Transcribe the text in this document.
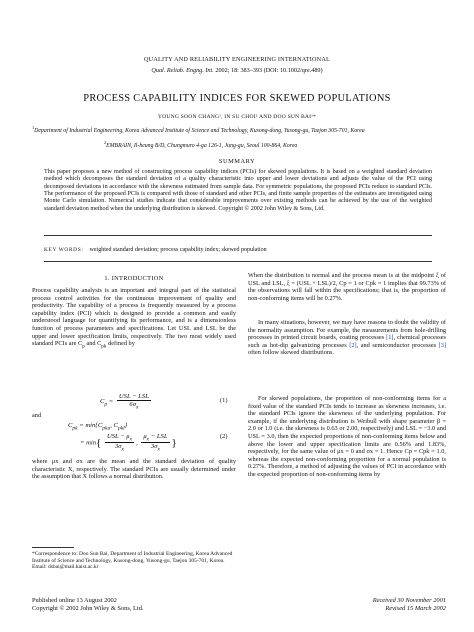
QUALITY AND RELIABILITY ENGINEERING INTERNATIONAL
Qual. Reliab. Engng. Int. 2002; 18: 383–393 (DOI: 10.1002/qre.489)
PROCESS CAPABILITY INDICES FOR SKEWED POPULATIONS
YOUNG SOON CHANG¹, IN SU CHOI² AND DOO SUN BAI¹*
$^1$Department of Industrial Engineering, Korea Advanced Institute of Science and Technology, Kusong-dong, Yusong-gu, Taejon 305-701, Korea
$^2$EMBRAIN, Il-heung B/D, Chungmuro 4-ga 126-1, Jung-gu, Seoul 100-864, Korea
SUMMARY
This paper proposes a new method of constructing process capability indices (PCIs) for skewed populations. It is based on a weighted standard deviation method which decomposes the standard deviation of a quality characteristic into upper and lower deviations and adjusts the value of the PCI using decomposed deviations in accordance with the skewness estimated from sample data. For symmetric populations, the proposed PCIs reduce to standard PCIs. The performance of the proposed PCIs is compared with those of standard and other PCIs, and finite sample properties of the estimates are investigated using Monte Carlo simulation. Numerical studies indicate that considerable improvements over existing methods can be achieved by the use of the weighted standard deviation method when the underlying distribution is skewed. Copyright © 2002 John Wiley & Sons, Ltd.
KEY WORDS: weighted standard deviation; process capability index; skewed population
1. INTRODUCTION
Process capability analysis is an important and integral part of the statistical process control activities for the continuous improvement of quality and productivity. The capability of a process is frequently measured by a process capability index (PCI) which is designed to provide a common and easily understood language for quantifying its performance, and is a dimensionless function of process parameters and specifications. Let USL and LSL be the upper and lower specification limits, respectively. The two most widely used standard PCIs are $C_p$ and $C_{pk}$ defined by
$C_p = \frac{\text{USL − LSL}}{6\sigma_x}$	(1)
and
$C_{pk} = \min\{C_{pku}$, $C_{pkl}$}
= $\min\{ \frac{USL - \mu_x}{3\sigma_x}$ , $\frac{\mu_x - LSL}{3\sigma_x}$ }
(2)
where μx and σx are the mean and the standard deviation of quality characteristic X, respectively. The standard PCIs are usually determined under the assumption that X follows a normal distribution.
*Correspondence to: Doo Sun Bai, Department of Industrial Engineering, Korea Advanced Institute of Science and Technology, Kusong-dong, Yusong-gu, Taejon 305-701, Korea.
Email: dsbai@mail.kaist.ac.kr
When the distribution is normal and the process mean is at the midpoint ξ of USL and LSL, ξ = (USL + LSL)/2, Cp = 1 or Cpk = 1 implies that 99.73% of the observations will fall within the specifications; that is, the proportion of non-conforming items will be 0.27%.
In many situations, however, we may have reasons to doubt the validity of the normality assumption. For example, the measurements from hole-drilling processes in printed circuit boards, coating processes [1], chemical processes such as hot-dip galvanizing processes [2], and semiconductor processes [3] often follow skewed distributions.
For skewed populations, the proportion of non-conforming items for a fixed value of the standard PCIs tends to increase as skewness increases, i.e. the standard PCIs ignore the skewness of the underlying population. For example, if the underlying distribution is Weibull with shape parameter β = 2.0 or 1.0 (i.e. the skewness is 0.63 or 2.00, respectively) and LSL = −3.0 and USL = 3.0, then the expected proportions of non-conforming items below and above the lower and upper specification limits are 0.56% and 1.83%, respectively, for the same value of μx = 0 and σx = 1. Hence Cp = Cpk = 1.0, whereas the expected non-conforming proportion for a normal population is 0.27%. Therefore, a method of adjusting the values of PCI in accordance with the expected proportion of non-conforming items by
Published online 13 August 2002
Copyright © 2002 John Wiley & Sons, Ltd.
Received 30 November 2001
Revised 15 March 2002
